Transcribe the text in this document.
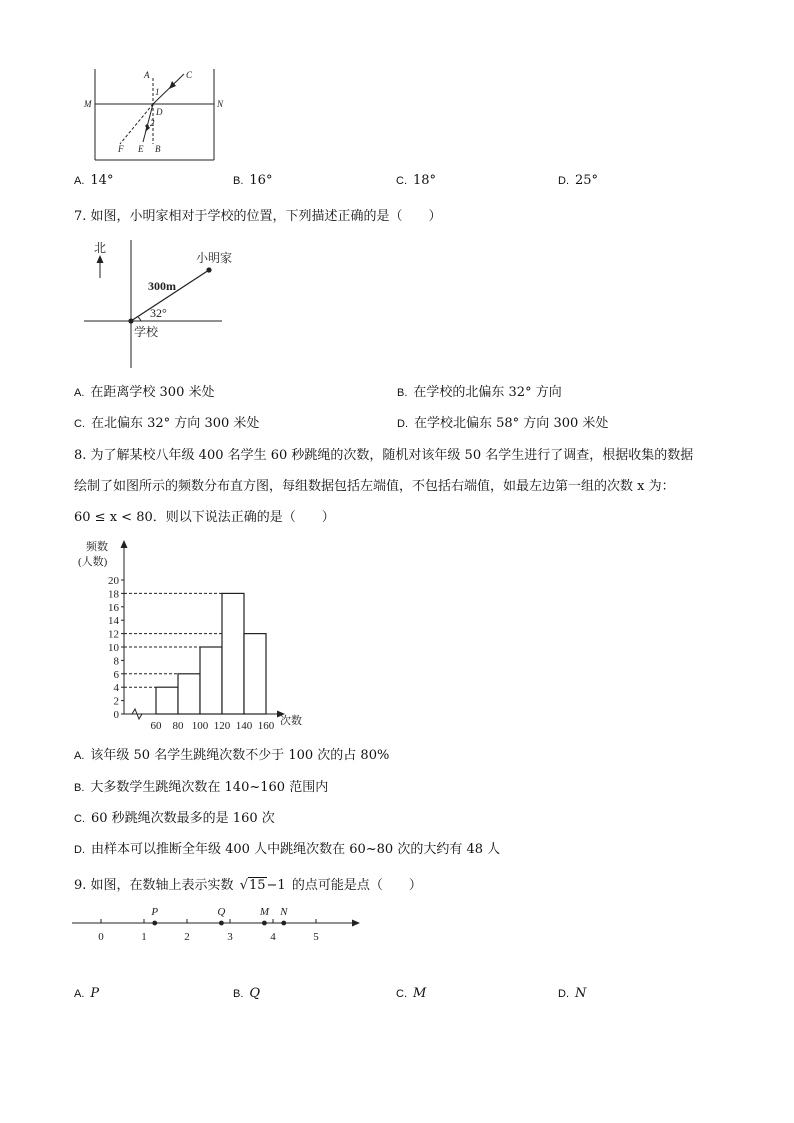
A	C
M	N
D
1
2
F E B
A. 14°	B. 16°	C. 18°	D. 25°
7. 如图，小明家相对于学校的位置，下列描述正确的是（　　）
北
小明家
300m
32°
学校
A. 在距离学校 300 米处	B. 在学校的北偏东 32° 方向
C. 在北偏东 32° 方向 300 米处	D. 在学校北偏东 58° 方向 300 米处
8. 为了解某校八年级 400 名学生 60 秒跳绳的次数，随机对该年级 50 名学生进行了调查，根据收集的数据
绘制了如图所示的频数分布直方图，每组数据包括左端值，不包括右端值，如最左边第一组的次数 x 为：
60 ≤ x < 80．则以下说法正确的是（　　）
频数
(人数)
次数
0
2
4
6
8
10
12
14
16
18
20
60 80 100 120 140 160
A. 该年级 50 名学生跳绳次数不少于 100 次的占 80%
B. 大多数学生跳绳次数在 140~160 范围内
C. 60 秒跳绳次数最多的是 160 次
D. 由样本可以推断全年级 400 人中跳绳次数在 60~80 次的大约有 48 人
9. 如图，在数轴上表示实数 √15−1 的点可能是点（　　）
0	1	2	3	4	5
P	Q	M N
A. P	B. Q	C. M	D. N
